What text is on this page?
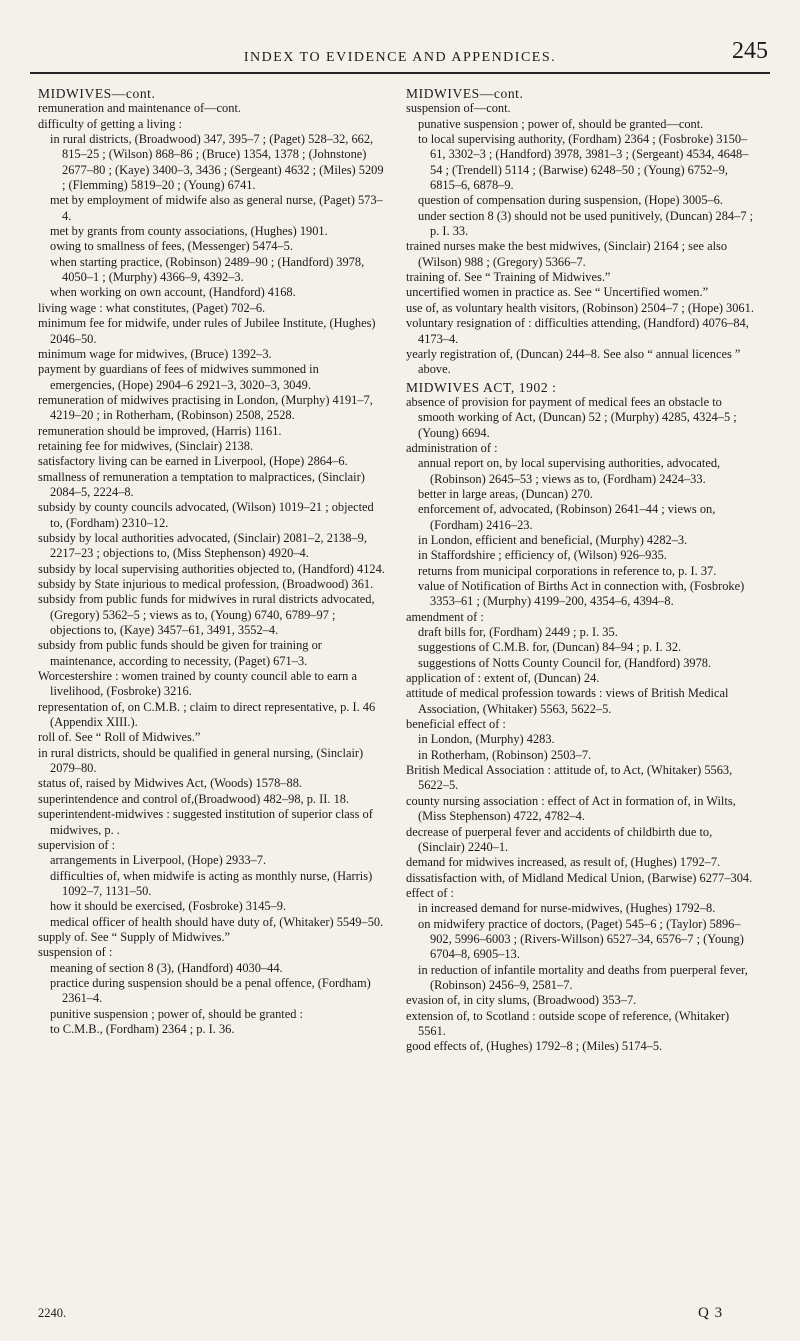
INDEX TO EVIDENCE AND APPENDICES.	245
MIDWIVES—cont.
remuneration and maintenance of—cont.
difficulty of getting a living :
in rural districts, (Broadwood) 347, 395–7 ; (Paget) 528–32, 662, 815–25 ; (Wilson) 868–86 ; (Bruce) 1354, 1378 ; (Johnstone) 2677–80 ; (Kaye) 3400–3, 3436 ; (Sergeant) 4632 ; (Miles) 5209 ; (Flemming) 5819–20 ; (Young) 6741.
met by employment of midwife also as general nurse, (Paget) 573–4.
met by grants from county associations, (Hughes) 1901.
owing to smallness of fees, (Messenger) 5474–5.
when starting practice, (Robinson) 2489–90 ; (Handford) 3978, 4050–1 ; (Murphy) 4366–9, 4392–3.
when working on own account, (Handford) 4168.
living wage : what constitutes, (Paget) 702–6.
minimum fee for midwife, under rules of Jubilee Institute, (Hughes) 2046–50.
minimum wage for midwives, (Bruce) 1392–3.
payment by guardians of fees of midwives summoned in emergencies, (Hope) 2904–6 2921–3, 3020–3, 3049.
remuneration of midwives practising in London, (Murphy) 4191–7, 4219–20 ; in Rotherham, (Robinson) 2508, 2528.
remuneration should be improved, (Harris) 1161.
retaining fee for midwives, (Sinclair) 2138.
satisfactory living can be earned in Liverpool, (Hope) 2864–6.
smallness of remuneration a temptation to malpractices, (Sinclair) 2084–5, 2224–8.
subsidy by county councils advocated, (Wilson) 1019–21 ; objected to, (Fordham) 2310–12.
subsidy by local authorities advocated, (Sinclair) 2081–2, 2138–9, 2217–23 ; objections to, (Miss Stephenson) 4920–4.
subsidy by local supervising authorities objected to, (Handford) 4124.
subsidy by State injurious to medical profession, (Broadwood) 361.
subsidy from public funds for midwives in rural districts advocated, (Gregory) 5362–5 ; views as to, (Young) 6740, 6789–97 ; objections to, (Kaye) 3457–61, 3491, 3552–4.
subsidy from public funds should be given for training or maintenance, according to necessity, (Paget) 671–3.
Worcestershire : women trained by county council able to earn a livelihood, (Fosbroke) 3216.
representation of, on C.M.B. ; claim to direct representative, p. I. 46 (Appendix XIII.).
roll of. See “ Roll of Midwives.”
in rural districts, should be qualified in general nursing, (Sinclair) 2079–80.
status of, raised by Midwives Act, (Woods) 1578–88.
superintendence and control of,(Broadwood) 482–98, p. II. 18.
superintendent-midwives : suggested institution of superior class of midwives, p. .
supervision of :
arrangements in Liverpool, (Hope) 2933–7.
difficulties of, when midwife is acting as monthly nurse, (Harris) 1092–7, 1131–50.
how it should be exercised, (Fosbroke) 3145–9.
medical officer of health should have duty of, (Whitaker) 5549–50.
supply of. See “ Supply of Midwives.”
suspension of :
meaning of section 8 (3), (Handford) 4030–44.
practice during suspension should be a penal offence, (Fordham) 2361–4.
punitive suspension ; power of, should be granted :
to C.M.B., (Fordham) 2364 ; p. I. 36.
MIDWIVES—cont.
suspension of—cont.
punative suspension ; power of, should be granted—cont.
to local supervising authority, (Fordham) 2364 ; (Fosbroke) 3150–61, 3302–3 ; (Handford) 3978, 3981–3 ; (Sergeant) 4534, 4648–54 ; (Trendell) 5114 ; (Barwise) 6248–50 ; (Young) 6752–9, 6815–6, 6878–9.
question of compensation during suspension, (Hope) 3005–6.
under section 8 (3) should not be used punitively, (Duncan) 284–7 ; p. I. 33.
trained nurses make the best midwives, (Sinclair) 2164 ; see also (Wilson) 988 ; (Gregory) 5366–7.
training of. See “ Training of Midwives.”
uncertified women in practice as. See “ Uncertified women.”
use of, as voluntary health visitors, (Robinson) 2504–7 ; (Hope) 3061.
voluntary resignation of : difficulties attending, (Handford) 4076–84, 4173–4.
yearly registration of, (Duncan) 244–8. See also “ annual licences ” above.
MIDWIVES ACT, 1902 :
absence of provision for payment of medical fees an obstacle to smooth working of Act, (Duncan) 52 ; (Murphy) 4285, 4324–5 ; (Young) 6694.
administration of :
annual report on, by local supervising authorities, advocated, (Robinson) 2645–53 ; views as to, (Fordham) 2424–33.
better in large areas, (Duncan) 270.
enforcement of, advocated, (Robinson) 2641–44 ; views on, (Fordham) 2416–23.
in London, efficient and beneficial, (Murphy) 4282–3.
in Staffordshire ; efficiency of, (Wilson) 926–935.
returns from municipal corporations in reference to, p. I. 37.
value of Notification of Births Act in connection with, (Fosbroke) 3353–61 ; (Murphy) 4199–200, 4354–6, 4394–8.
amendment of :
draft bills for, (Fordham) 2449 ; p. I. 35.
suggestions of C.M.B. for, (Duncan) 84–94 ; p. I. 32.
suggestions of Notts County Council for, (Handford) 3978.
application of : extent of, (Duncan) 24.
attitude of medical profession towards : views of British Medical Association, (Whitaker) 5563, 5622–5.
beneficial effect of :
in London, (Murphy) 4283.
in Rotherham, (Robinson) 2503–7.
British Medical Association : attitude of, to Act, (Whitaker) 5563, 5622–5.
county nursing association : effect of Act in formation of, in Wilts, (Miss Stephenson) 4722, 4782–4.
decrease of puerperal fever and accidents of childbirth due to, (Sinclair) 2240–1.
demand for midwives increased, as result of, (Hughes) 1792–7.
dissatisfaction with, of Midland Medical Union, (Barwise) 6277–304.
effect of :
in increased demand for nurse-midwives, (Hughes) 1792–8.
on midwifery practice of doctors, (Paget) 545–6 ; (Taylor) 5896–902, 5996–6003 ; (Rivers-Willson) 6527–34, 6576–7 ; (Young) 6704–8, 6905–13.
in reduction of infantile mortality and deaths from puerperal fever, (Robinson) 2456–9, 2581–7.
evasion of, in city slums, (Broadwood) 353–7.
extension of, to Scotland : outside scope of reference, (Whitaker) 5561.
good effects of, (Hughes) 1792–8 ; (Miles) 5174–5.
2240.	Q 3
